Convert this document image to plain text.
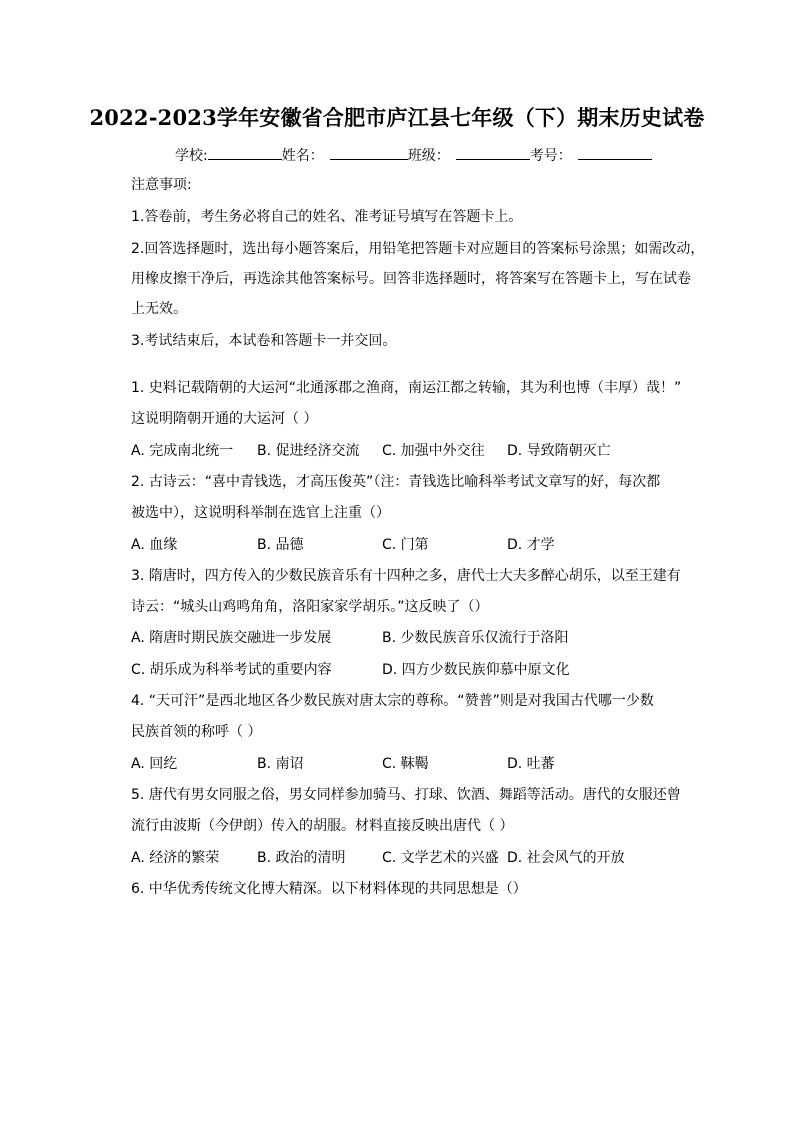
2022-2023学年安徽省合肥市庐江县七年级（下）期末历史试卷
学校:	姓名：	班级：	考号：
注意事项:
1.答卷前，考生务必将自己的姓名、准考证号填写在答题卡上。
2.回答选择题时，选出每小题答案后，用铅笔把答题卡对应题目的答案标号涂黑；如需改动，
用橡皮擦干净后，再选涂其他答案标号。回答非选择题时，将答案写在答题卡上，写在试卷
上无效。
3.考试结束后，本试卷和答题卡一并交回。
1. 史料记载隋朝的大运河“北通涿郡之渔商，南运江都之转输，其为利也博（丰厚）哉！”
这说明隋朝开通的大运河（ ）
A. 完成南北统一 B. 促进经济交流 C. 加强中外交往 D. 导致隋朝灭亡
2. 古诗云：“喜中青钱选，才高压俊英”（注：青钱选比喻科举考试文章写的好，每次都
被选中），这说明科举制在选官上注重（）
A. 血缘	B. 品德	C. 门第	D. 才学
3. 隋唐时，四方传入的少数民族音乐有十四种之多，唐代士大夫多醉心胡乐，以至王建有
诗云：“城头山鸡鸣角角，洛阳家家学胡乐。”这反映了（）
A. 隋唐时期民族交融进一步发展	B. 少数民族音乐仅流行于洛阳
C. 胡乐成为科举考试的重要内容	D. 四方少数民族仰慕中原文化
4. “天可汗”是西北地区各少数民族对唐太宗的尊称。“赞普”则是对我国古代哪一少数
民族首领的称呼（ ）
A. 回纥	B. 南诏	C. 靺鞨	D. 吐蕃
5. 唐代有男女同服之俗，男女同样参加骑马、打球、饮酒、舞蹈等活动。唐代的女服还曾
流行由波斯（今伊朗）传入的胡服。材料直接反映出唐代（ ）
A. 经济的繁荣	B. 政治的清明	C. 文学艺术的兴盛 D. 社会风气的开放
6. 中华优秀传统文化博大精深。以下材料体现的共同思想是（）
